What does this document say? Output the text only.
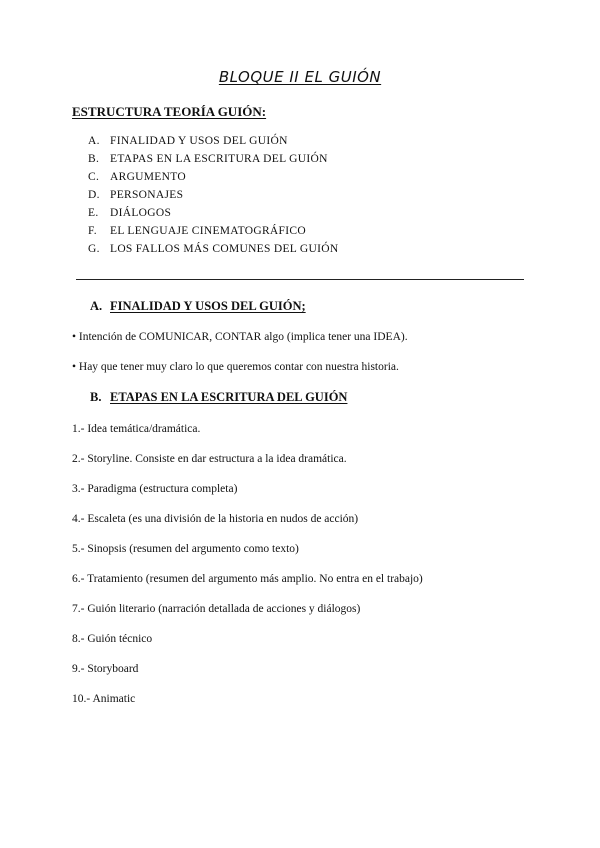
BLOQUE II EL GUIÓN
ESTRUCTURA TEORÍA GUIÓN:
A. FINALIDAD Y USOS DEL GUIÓN
B. ETAPAS EN LA ESCRITURA DEL GUIÓN
C. ARGUMENTO
D. PERSONAJES
E. DIÁLOGOS
F. EL LENGUAJE CINEMATOGRÁFICO
G. LOS FALLOS MÁS COMUNES DEL GUIÓN
A. FINALIDAD Y USOS DEL GUIÓN;
• Intención de COMUNICAR, CONTAR algo (implica tener una IDEA).
• Hay que tener muy claro lo que queremos contar con nuestra historia.
B. ETAPAS EN LA ESCRITURA DEL GUIÓN
1.- Idea temática/dramática.
2.- Storyline. Consiste en dar estructura a la idea dramática.
3.- Paradigma (estructura completa)
4.- Escaleta (es una división de la historia en nudos de acción)
5.- Sinopsis (resumen del argumento como texto)
6.- Tratamiento (resumen del argumento más amplio. No entra en el trabajo)
7.- Guión literario (narración detallada de acciones y diálogos)
8.- Guión técnico
9.- Storyboard
10.- Animatic
